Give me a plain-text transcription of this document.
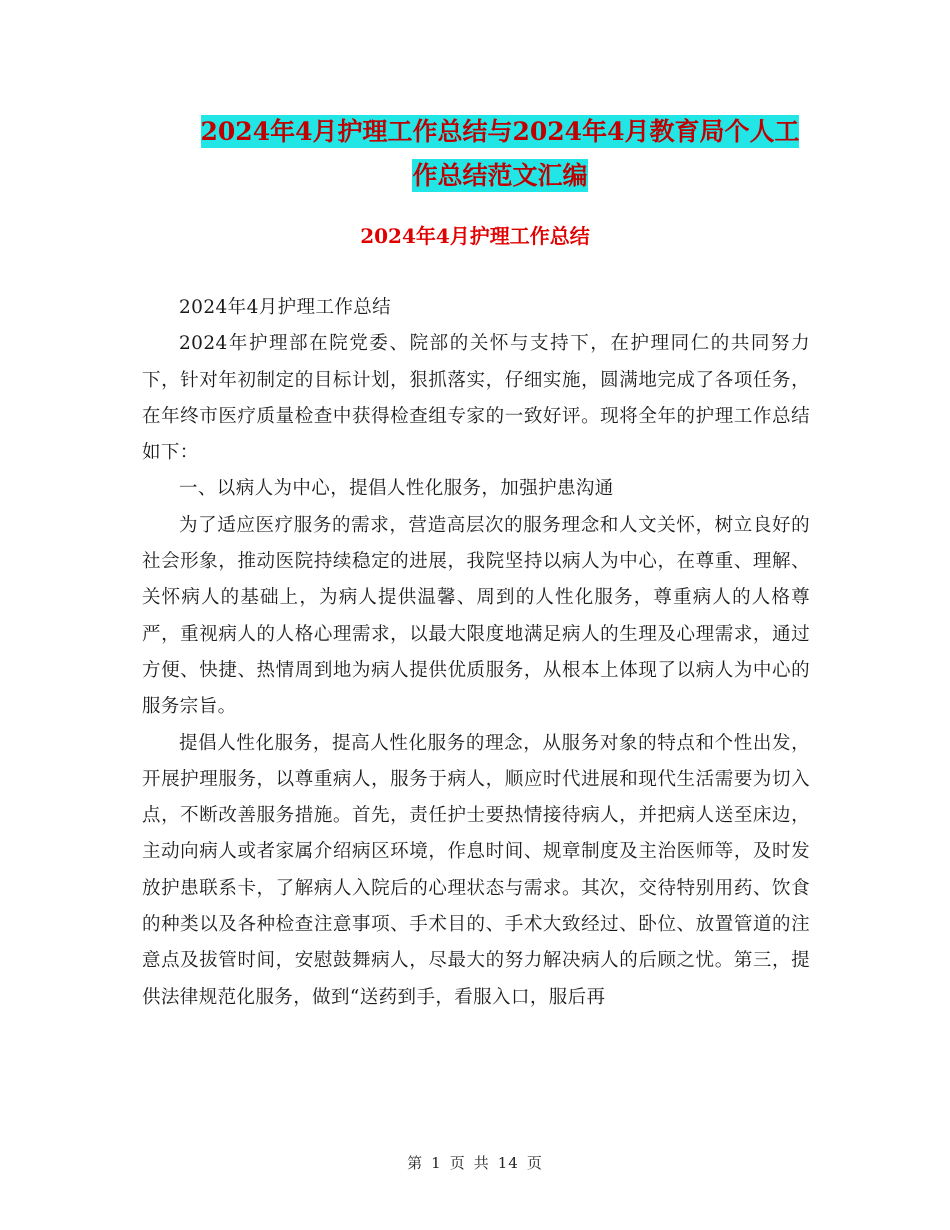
2024年4月护理工作总结与2024年4月教育局个人工
作总结范文汇编
2024年4月护理工作总结

2024年4月护理工作总结

2024年护理部在院党委、院部的关怀与支持下，在护理同仁的共同努力下，针对年初制定的目标计划，狠抓落实，仔细实施，圆满地完成了各项任务，在年终市医疗质量检查中获得检查组专家的一致好评。现将全年的护理工作总结如下：

一、以病人为中心，提倡人性化服务，加强护患沟通

为了适应医疗服务的需求，营造高层次的服务理念和人文关怀，树立良好的社会形象，推动医院持续稳定的进展，我院坚持以病人为中心，在尊重、理解、关怀病人的基础上，为病人提供温馨、周到的人性化服务，尊重病人的人格尊严，重视病人的人格心理需求，以最大限度地满足病人的生理及心理需求，通过方便、快捷、热情周到地为病人提供优质服务，从根本上体现了以病人为中心的服务宗旨。

提倡人性化服务，提高人性化服务的理念，从服务对象的特点和个性出发，开展护理服务，以尊重病人，服务于病人，顺应时代进展和现代生活需要为切入点，不断改善服务措施。首先，责任护士要热情接待病人，并把病人送至床边，主动向病人或者家属介绍病区环境，作息时间、规章制度及主治医师等，及时发放护患联系卡，了解病人入院后的心理状态与需求。其次，交待特别用药、饮食的种类以及各种检查注意事项、手术目的、手术大致经过、卧位、放置管道的注意点及拔管时间，安慰鼓舞病人，尽最大的努力解决病人的后顾之忧。第三，提供法律规范化服务，做到“送药到手，看服入口，服后再

第 1 页 共 14 页
